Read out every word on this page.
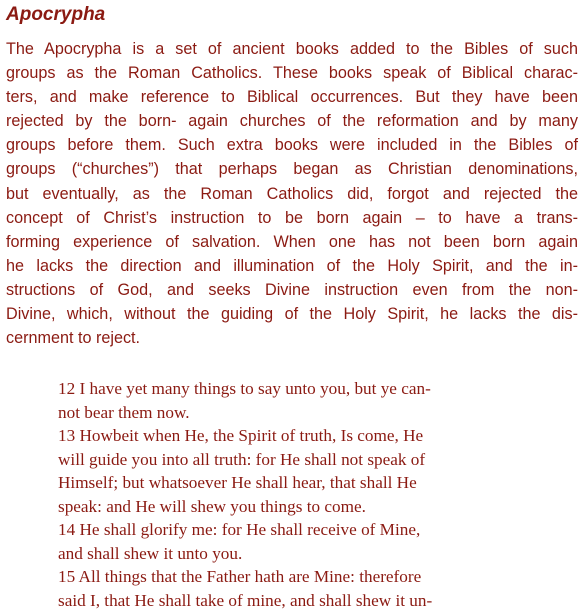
Apocrypha
The Apocrypha is a set of ancient books added to the Bibles of such
groups as the Roman Catholics. These books speak of Biblical charac-
ters, and make reference to Biblical occurrences. But they have been
rejected by the born- again churches of the reformation and by many
groups before them. Such extra books were included in the Bibles of
groups (“churches”) that perhaps began as Christian denominations,
but eventually, as the Roman Catholics did, forgot and rejected the
concept of Christ’s instruction to be born again – to have a trans-
forming experience of salvation. When one has not been born again
he lacks the direction and illumination of the Holy Spirit, and the in-
structions of God, and seeks Divine instruction even from the non-
Divine, which, without the guiding of the Holy Spirit, he lacks the dis-
cernment to reject.
12 I have yet many things to say unto you, but ye can-
not bear them now.
13 Howbeit when He, the Spirit of truth, Is come, He
will guide you into all truth: for He shall not speak of
Himself; but whatsoever He shall hear, that shall He
speak: and He will shew you things to come.
14 He shall glorify me: for He shall receive of Mine,
and shall shew it unto you.
15 All things that the Father hath are Mine: therefore
said I, that He shall take of mine, and shall shew it un-
